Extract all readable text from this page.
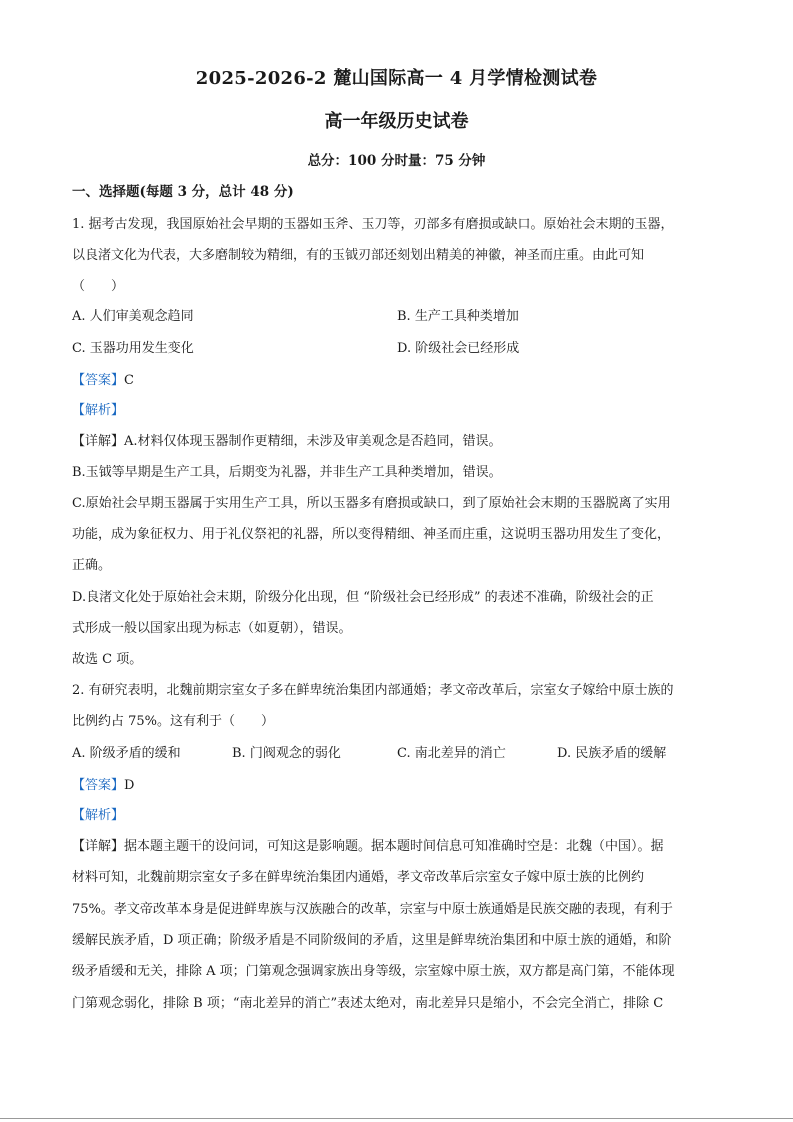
2025-2026-2 麓山国际高一 4 月学情检测试卷
高一年级历史试卷
总分：100 分时量：75 分钟
一、选择题(每题 3 分，总计 48 分)
1. 据考古发现，我国原始社会早期的玉器如玉斧、玉刀等，刃部多有磨损或缺口。原始社会末期的玉器，
以良渚文化为代表，大多磨制较为精细，有的玉钺刃部还刻划出精美的神徽，神圣而庄重。由此可知
（　　）
A. 人们审美观念趋同	B. 生产工具种类增加
C. 玉器功用发生变化	D. 阶级社会已经形成
【答案】C
【解析】
【详解】A.材料仅体现玉器制作更精细，未涉及审美观念是否趋同，错误。
B.玉钺等早期是生产工具，后期变为礼器，并非生产工具种类增加，错误。
C.原始社会早期玉器属于实用生产工具，所以玉器多有磨损或缺口，到了原始社会末期的玉器脱离了实用
功能，成为象征权力、用于礼仪祭祀的礼器，所以变得精细、神圣而庄重，这说明玉器功用发生了变化，
正确。
D.良渚文化处于原始社会末期，阶级分化出现，但 “阶级社会已经形成” 的表述不准确，阶级社会的正
式形成一般以国家出现为标志（如夏朝），错误。
故选 C 项。
2. 有研究表明，北魏前期宗室女子多在鲜卑统治集团内部通婚；孝文帝改革后，宗室女子嫁给中原士族的
比例约占 75%。这有利于（　　）
A. 阶级矛盾的缓和	B. 门阀观念的弱化	C. 南北差异的消亡	D. 民族矛盾的缓解
【答案】D
【解析】
【详解】据本题主题干的设问词，可知这是影响题。据本题时间信息可知准确时空是：北魏（中国）。据
材料可知，北魏前期宗室女子多在鲜卑统治集团内通婚，孝文帝改革后宗室女子嫁中原士族的比例约
75%。孝文帝改革本身是促进鲜卑族与汉族融合的改革，宗室与中原士族通婚是民族交融的表现，有利于
缓解民族矛盾，D 项正确；阶级矛盾是不同阶级间的矛盾，这里是鲜卑统治集团和中原士族的通婚，和阶
级矛盾缓和无关，排除 A 项；门第观念强调家族出身等级，宗室嫁中原士族，双方都是高门第，不能体现
门第观念弱化，排除 B 项；“南北差异的消亡”表述太绝对，南北差异只是缩小，不会完全消亡，排除 C
